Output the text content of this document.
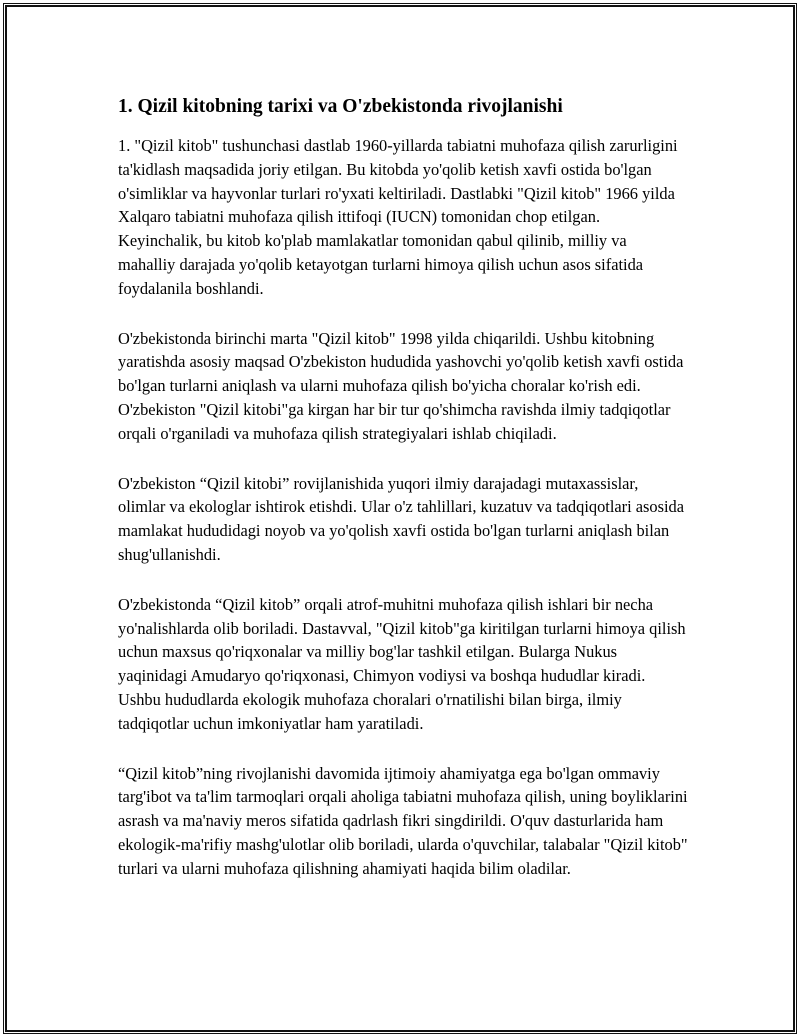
1. Qizil kitobning tarixi va O'zbekistonda rivojlanishi

1. "Qizil kitob" tushunchasi dastlab 1960-yillarda tabiatni muhofaza qilish zarurligini ta'kidlash maqsadida joriy etilgan. Bu kitobda yo'qolib ketish xavfi ostida bo'lgan o'simliklar va hayvonlar turlari ro'yxati keltiriladi. Dastlabki "Qizil kitob" 1966 yilda Xalqaro tabiatni muhofaza qilish ittifoqi (IUCN) tomonidan chop etilgan. Keyinchalik, bu kitob ko'plab mamlakatlar tomonidan qabul qilinib, milliy va mahalliy darajada yo'qolib ketayotgan turlarni himoya qilish uchun asos sifatida foydalanila boshlandi.

O'zbekistonda birinchi marta "Qizil kitob" 1998 yilda chiqarildi. Ushbu kitobning yaratishda asosiy maqsad O'zbekiston hududida yashovchi yo'qolib ketish xavfi ostida bo'lgan turlarni aniqlash va ularni muhofaza qilish bo'yicha choralar ko'rish edi. O'zbekiston "Qizil kitobi"ga kirgan har bir tur qo'shimcha ravishda ilmiy tadqiqotlar orqali o'rganiladi va muhofaza qilish strategiyalari ishlab chiqiladi.

O'zbekiston “Qizil kitobi” rovijlanishida yuqori ilmiy darajadagi mutaxassislar, olimlar va ekologlar ishtirok etishdi. Ular o'z tahlillari, kuzatuv va tadqiqotlari asosida mamlakat hududidagi noyob va yo'qolish xavfi ostida bo'lgan turlarni aniqlash bilan shug'ullanishdi.

O'zbekistonda “Qizil kitob” orqali atrof-muhitni muhofaza qilish ishlari bir necha yo'nalishlarda olib boriladi. Dastavval, "Qizil kitob"ga kiritilgan turlarni himoya qilish uchun maxsus qo'riqxonalar va milliy bog'lar tashkil etilgan. Bularga Nukus yaqinidagi Amudaryo qo'riqxonasi, Chimyon vodiysi va boshqa hududlar kiradi. Ushbu hududlarda ekologik muhofaza choralari o'rnatilishi bilan birga, ilmiy tadqiqotlar uchun imkoniyatlar ham yaratiladi.

“Qizil kitob”ning rivojlanishi davomida ijtimoiy ahamiyatga ega bo'lgan ommaviy targ'ibot va ta'lim tarmoqlari orqali aholiga tabiatni muhofaza qilish, uning boyliklarini asrash va ma'naviy meros sifatida qadrlash fikri singdirildi. O'quv dasturlarida ham ekologik-ma'rifiy mashg'ulotlar olib boriladi, ularda o'quvchilar, talabalar "Qizil kitob" turlari va ularni muhofaza qilishning ahamiyati haqida bilim oladilar.
